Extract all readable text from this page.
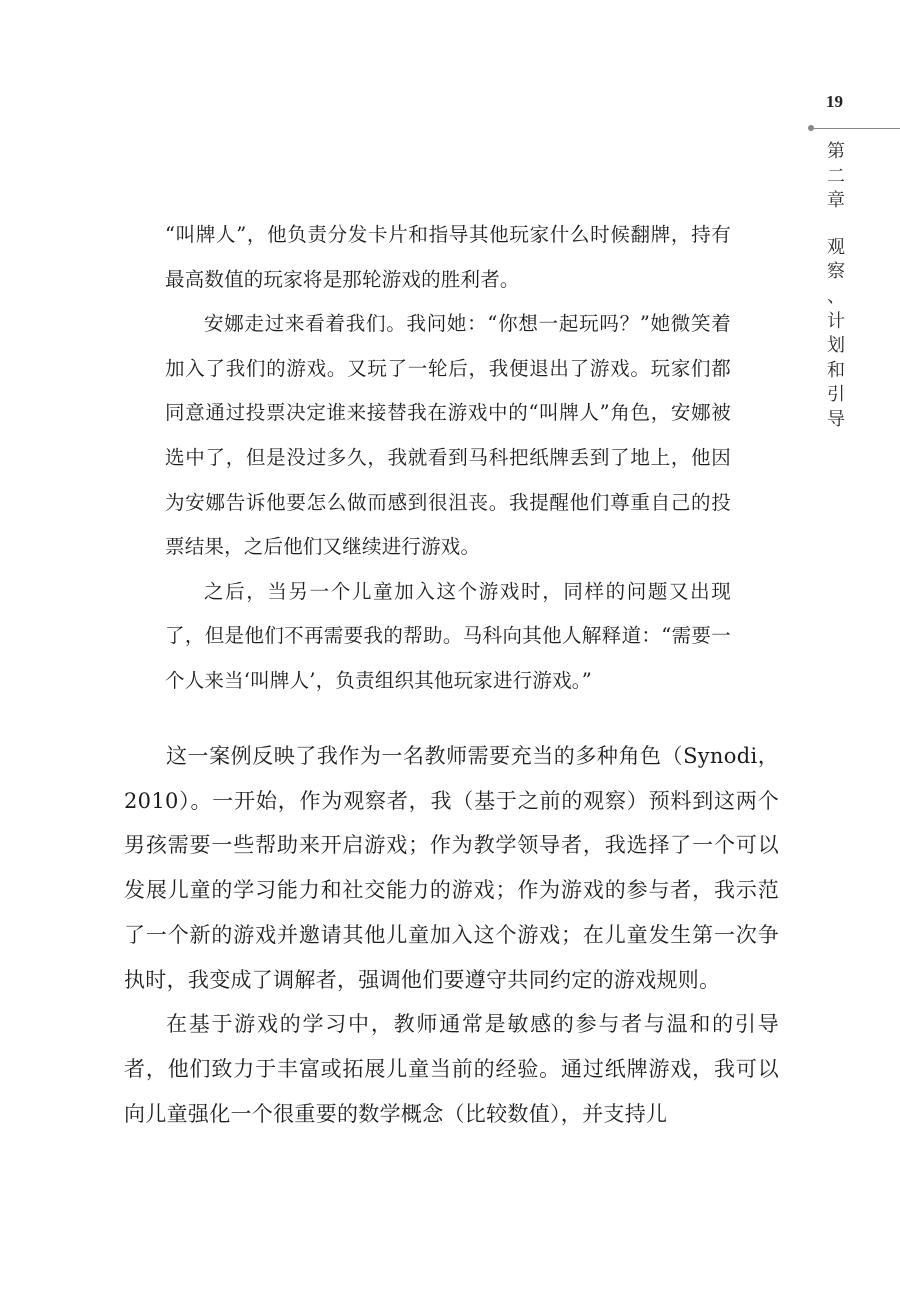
19
第
二
章
观
察
、
计
划
和
引
导

“叫牌人”，他负责分发卡片和指导其他玩家什么时候翻牌，持有最高数值的玩家将是那轮游戏的胜利者。

安娜走过来看着我们。我问她：“你想一起玩吗？”她微笑着加入了我们的游戏。又玩了一轮后，我便退出了游戏。玩家们都同意通过投票决定谁来接替我在游戏中的“叫牌人”角色，安娜被选中了，但是没过多久，我就看到马科把纸牌丢到了地上，他因为安娜告诉他要怎么做而感到很沮丧。我提醒他们尊重自己的投票结果，之后他们又继续进行游戏。

之后，当另一个儿童加入这个游戏时，同样的问题又出现了，但是他们不再需要我的帮助。马科向其他人解释道：“需要一个人来当‘叫牌人’，负责组织其他玩家进行游戏。”

这一案例反映了我作为一名教师需要充当的多种角色（Synodi，2010）。一开始，作为观察者，我（基于之前的观察）预料到这两个男孩需要一些帮助来开启游戏；作为教学领导者，我选择了一个可以发展儿童的学习能力和社交能力的游戏；作为游戏的参与者，我示范了一个新的游戏并邀请其他儿童加入这个游戏；在儿童发生第一次争执时，我变成了调解者，强调他们要遵守共同约定的游戏规则。

在基于游戏的学习中，教师通常是敏感的参与者与温和的引导者，他们致力于丰富或拓展儿童当前的经验。通过纸牌游戏，我可以向儿童强化一个很重要的数学概念（比较数值），并支持儿
